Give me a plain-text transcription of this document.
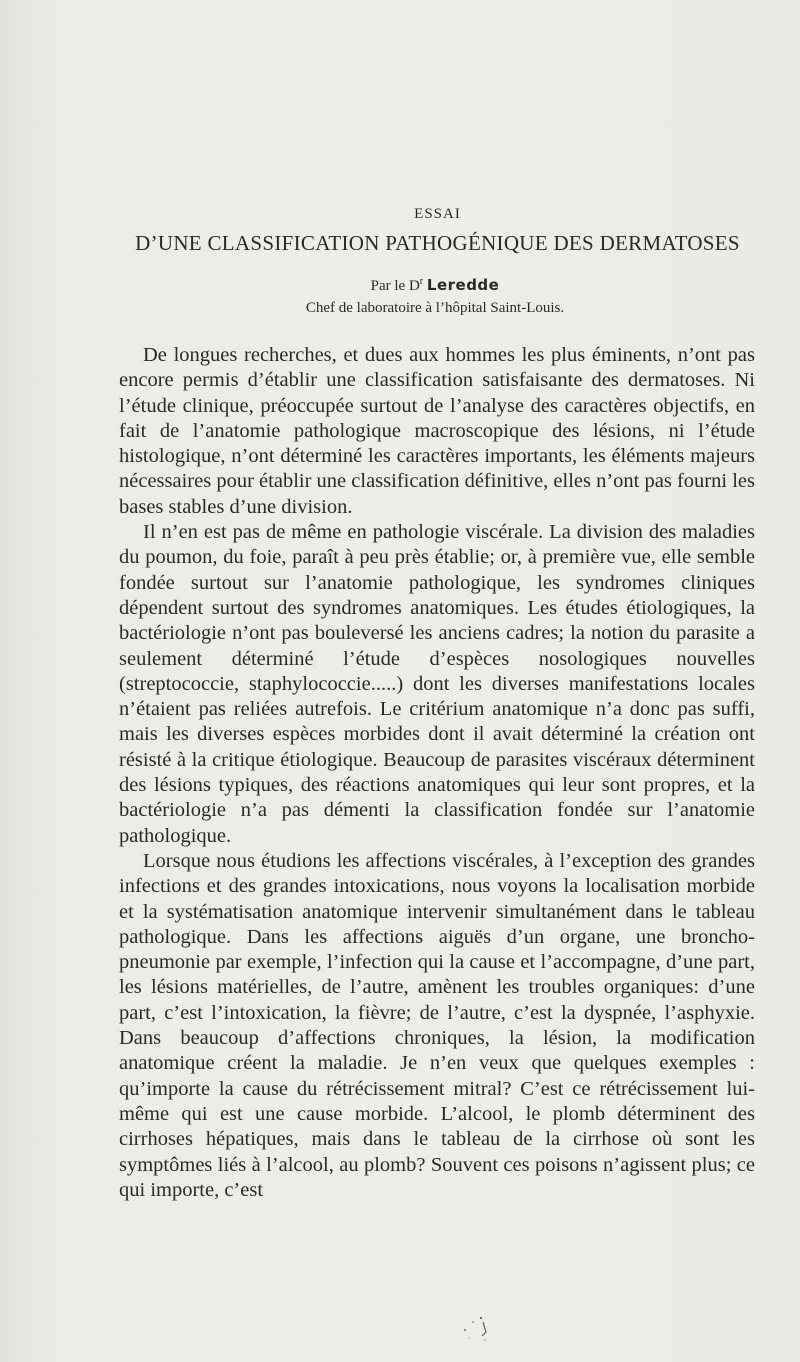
ESSAI
D’UNE CLASSIFICATION PATHOGÉNIQUE DES DERMATOSES
Par le $D^r$ Leredde
Chef de laboratoire à l’hôpital Saint-Louis.

De longues recherches, et dues aux hommes les plus éminents, n’ont pas encore permis d’établir une classification satisfaisante des dermatoses. Ni l’étude clinique, préoccupée surtout de l’analyse des caractères objectifs, en fait de l’anatomie pathologique macroscopique des lésions, ni l’étude histologique, n’ont déterminé les caractères importants, les éléments majeurs nécessaires pour établir une classification définitive, elles n’ont pas fourni les bases stables d’une division.

Il n’en est pas de même en pathologie viscérale. La division des maladies du poumon, du foie, paraît à peu près établie; or, à première vue, elle semble fondée surtout sur l’anatomie pathologique, les syndromes cliniques dépendent surtout des syndromes anatomiques. Les études étiologiques, la bactériologie n’ont pas bouleversé les anciens cadres; la notion du parasite a seulement déterminé l’étude d’espèces nosologiques nouvelles (streptococcie, staphylococcie.....) dont les diverses manifestations locales n’étaient pas reliées autrefois. Le critérium anatomique n’a donc pas suffi, mais les diverses espèces morbides dont il avait déterminé la création ont résisté à la critique étiologique. Beaucoup de parasites viscéraux déterminent des lésions typiques, des réactions anatomiques qui leur sont propres, et la bactériologie n’a pas démenti la classification fondée sur l’anatomie pathologique.

Lorsque nous étudions les affections viscérales, à l’exception des grandes infections et des grandes intoxications, nous voyons la localisation morbide et la systématisation anatomique intervenir simultanément dans le tableau pathologique. Dans les affections aiguës d’un organe, une broncho-pneumonie par exemple, l’infection qui la cause et l’accompagne, d’une part, les lésions matérielles, de l’autre, amènent les troubles organiques: d’une part, c’est l’intoxication, la fièvre; de l’autre, c’est la dyspnée, l’asphyxie. Dans beaucoup d’affections chroniques, la lésion, la modification anatomique créent la maladie. Je n’en veux que quelques exemples : qu’importe la cause du rétrécissement mitral? C’est ce rétrécissement lui-même qui est une cause morbide. L’alcool, le plomb déterminent des cirrhoses hépatiques, mais dans le tableau de la cirrhose où sont les symptômes liés à l’alcool, au plomb? Souvent ces poisons n’agissent plus; ce qui importe, c’est
